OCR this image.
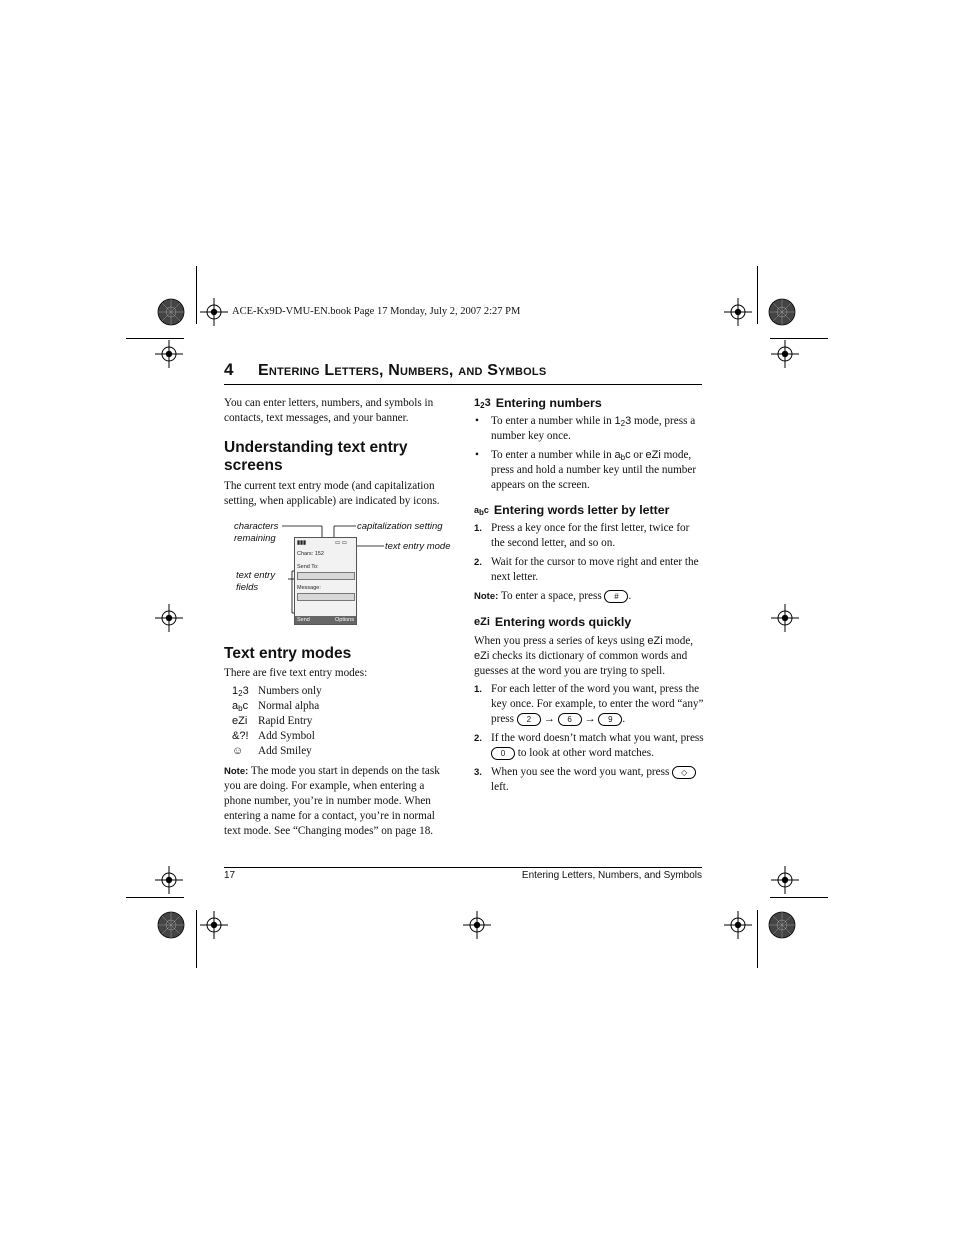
ACE-Kx9D-VMU-EN.book Page 17 Monday, July 2, 2007 2:27 PM
4 Entering Letters, Numbers, and Symbols

You can enter letters, numbers, and symbols in contacts, text messages, and your banner.

Understanding text entry screens

The current text entry mode (and capitalization setting, when applicable) are indicated by icons.

characters remaining
capitalization setting
text entry mode
text entry fields
▮▮▮	▭ ▭
Chars: 152
Send To:
Message:
Send	Options
Text entry modes

There are five text entry modes:

123 Numbers only
abc Normal alpha
eZi Rapid Entry
&?! Add Symbol
☺	Add Smiley

Note: The mode you start in depends on the task you are doing. For example, when entering a phone number, you’re in number mode. When entering a name for a contact, you’re in normal text mode. See “Changing modes” on page 18.

123 Entering numbers
• To enter a number while in 123 mode, press a number key once.
• To enter a number while in abc or eZi mode, press and hold a number key until the number appears on the screen.
abc Entering words letter by letter
1. Press a key once for the first letter, twice for the second letter, and so on.
2. Wait for the cursor to move right and enter the next letter.

Note: To enter a space, press # .

eZi Entering words quickly

When you press a series of keys using eZi mode, eZi checks its dictionary of common words and guesses at the word you are trying to spell.

1. For each letter of the word you want, press the key once. For example, to enter the word “any” press 2 → 6 → 9 .
2. If the word doesn’t match what you want, press 0 to look at other word matches.
3. When you see the word you want, press ◇ left.
17	Entering Letters, Numbers, and Symbols
